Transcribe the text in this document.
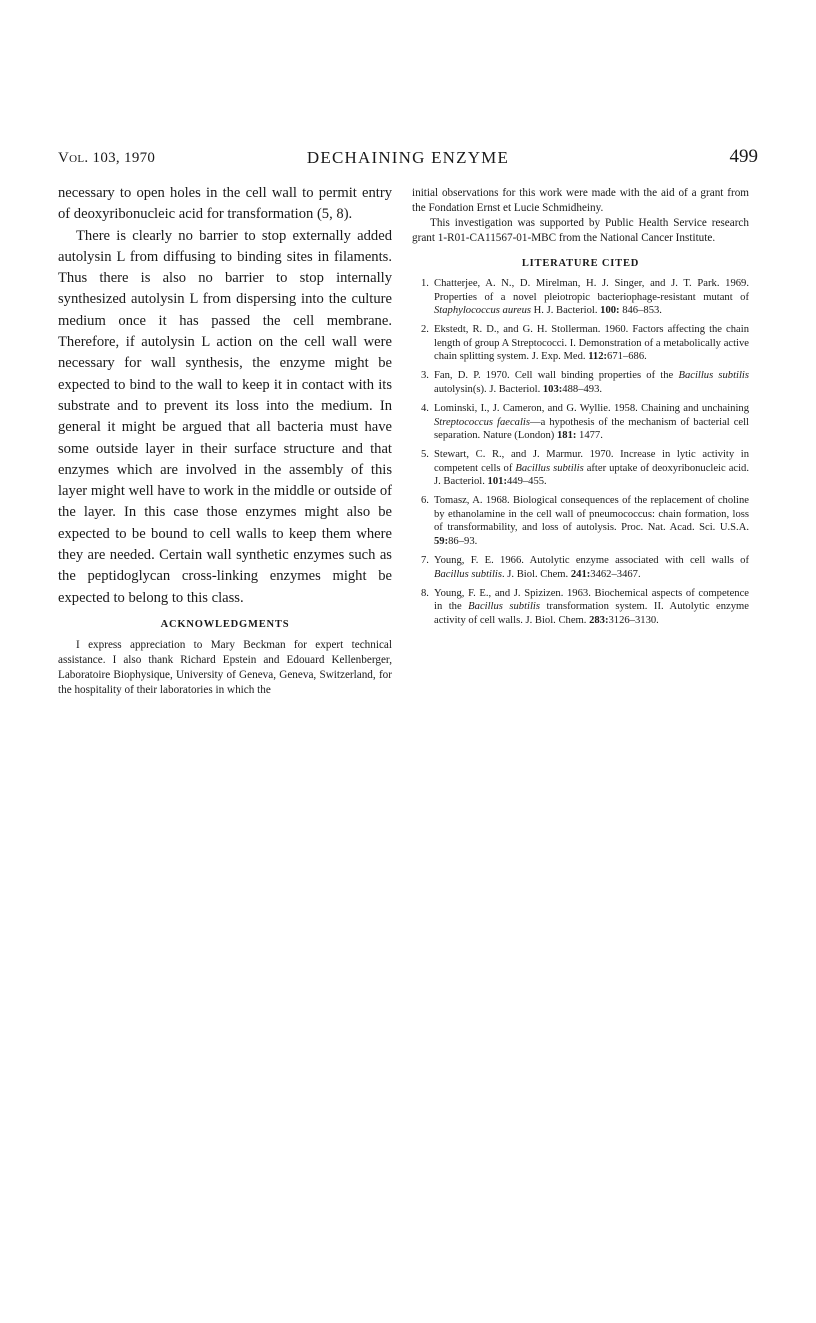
Vol. 103, 1970	DECHAINING ENZYME	499

necessary to open holes in the cell wall to permit entry of deoxyribonucleic acid for transformation (5, 8).

There is clearly no barrier to stop externally added autolysin L from diffusing to binding sites in filaments. Thus there is also no barrier to stop internally synthesized autolysin L from dispersing into the culture medium once it has passed the cell membrane. Therefore, if autolysin L action on the cell wall were necessary for wall synthesis, the enzyme might be expected to bind to the wall to keep it in contact with its substrate and to prevent its loss into the medium. In general it might be argued that all bacteria must have some outside layer in their surface structure and that enzymes which are involved in the assembly of this layer might well have to work in the middle or outside of the layer. In this case those enzymes might also be expected to be bound to cell walls to keep them where they are needed. Certain wall synthetic enzymes such as the peptidoglycan cross-linking enzymes might be expected to belong to this class.

ACKNOWLEDGMENTS

I express appreciation to Mary Beckman for expert technical assistance. I also thank Richard Epstein and Edouard Kellenberger, Laboratoire Biophysique, University of Geneva, Geneva, Switzerland, for the hospitality of their laboratories in which the

initial observations for this work were made with the aid of a grant from the Fondation Ernst et Lucie Schmidheiny.

This investigation was supported by Public Health Service research grant 1-R01-CA11567-01-MBC from the National Cancer Institute.

LITERATURE CITED
1. Chatterjee, A. N., D. Mirelman, H. J. Singer, and J. T. Park. 1969. Properties of a novel pleiotropic bacteriophage-resistant mutant of Staphylococcus aureus H. J. Bacteriol. 100: 846–853.
2. Ekstedt, R. D., and G. H. Stollerman. 1960. Factors affecting the chain length of group A Streptococci. I. Demonstration of a metabolically active chain splitting system. J. Exp. Med. 112:671–686.
3. Fan, D. P. 1970. Cell wall binding properties of the Bacillus subtilis autolysin(s). J. Bacteriol. 103:488–493.
4. Lominski, I., J. Cameron, and G. Wyllie. 1958. Chaining and unchaining Streptococcus faecalis—a hypothesis of the mechanism of bacterial cell separation. Nature (London) 181: 1477.
5. Stewart, C. R., and J. Marmur. 1970. Increase in lytic activity in competent cells of Bacillus subtilis after uptake of deoxyribonucleic acid. J. Bacteriol. 101:449–455.
6. Tomasz, A. 1968. Biological consequences of the replacement of choline by ethanolamine in the cell wall of pneumococcus: chain formation, loss of transformability, and loss of autolysis. Proc. Nat. Acad. Sci. U.S.A. 59:86–93.
7. Young, F. E. 1966. Autolytic enzyme associated with cell walls of Bacillus subtilis. J. Biol. Chem. 241:3462–3467.
8. Young, F. E., and J. Spizizen. 1963. Biochemical aspects of competence in the Bacillus subtilis transformation system. II. Autolytic enzyme activity of cell walls. J. Biol. Chem. 283:3126–3130.
